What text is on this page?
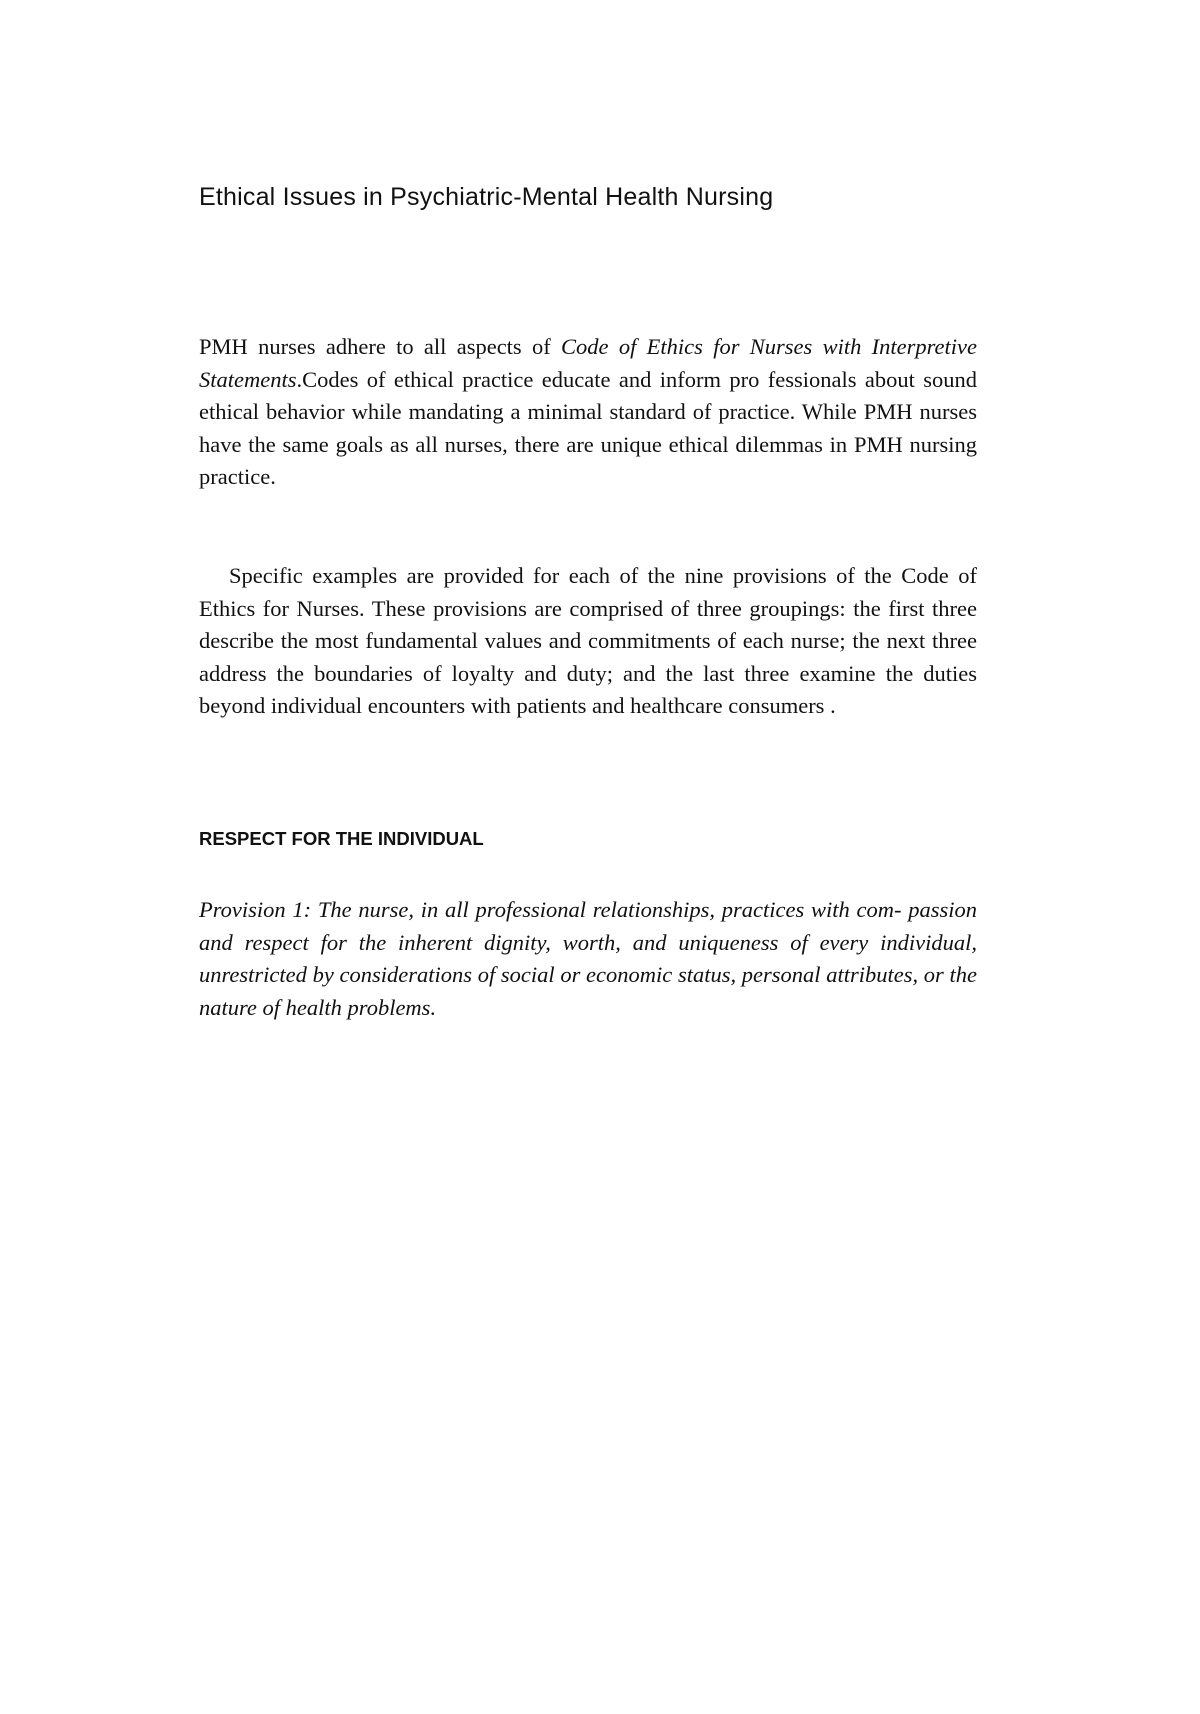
Ethical Issues in Psychiatric-Mental Health Nursing

PMH nurses adhere to all aspects of Code of Ethics for Nurses with Interpretive Statements.Codes of ethical practice educate and inform pro fessionals about sound ethical behavior while mandating a minimal standard of practice. While PMH nurses have the same goals as all nurses, there are unique ethical dilemmas in PMH nursing practice.

Specific examples are provided for each of the nine provisions of the Code of Ethics for Nurses. These provisions are comprised of three groupings: the first three describe the most fundamental values and commitments of each nurse; the next three address the boundaries of loyalty and duty; and the last three examine the duties beyond individual encounters with patients and healthcare consumers .

RESPECT FOR THE INDIVIDUAL

Provision 1: The nurse, in all professional relationships, practices with com- passion and respect for the inherent dignity, worth, and uniqueness of every individual, unrestricted by considerations of social or economic status, personal attributes, or the nature of health problems.
